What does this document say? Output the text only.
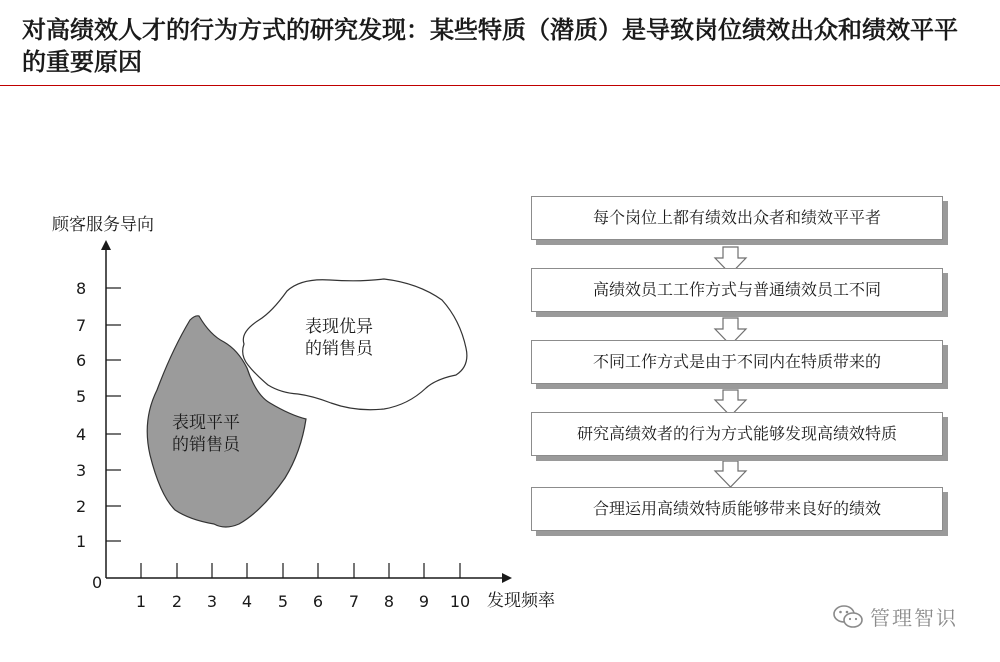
对高绩效人才的行为方式的研究发现：某些特质（潜质）是导致岗位绩效出众和绩效平平的重要原因
顾客服务导向
发现频率
1
2
3
4
5
6
7
8
0
1 2 3 4 5 6 7 8 9 10
表现平平
的销售员
表现优异
的销售员
每个岗位上都有绩效出众者和绩效平平者
高绩效员工工作方式与普通绩效员工不同
不同工作方式是由于不同内在特质带来的
研究高绩效者的行为方式能够发现高绩效特质
合理运用高绩效特质能够带来良好的绩效
管理智识
